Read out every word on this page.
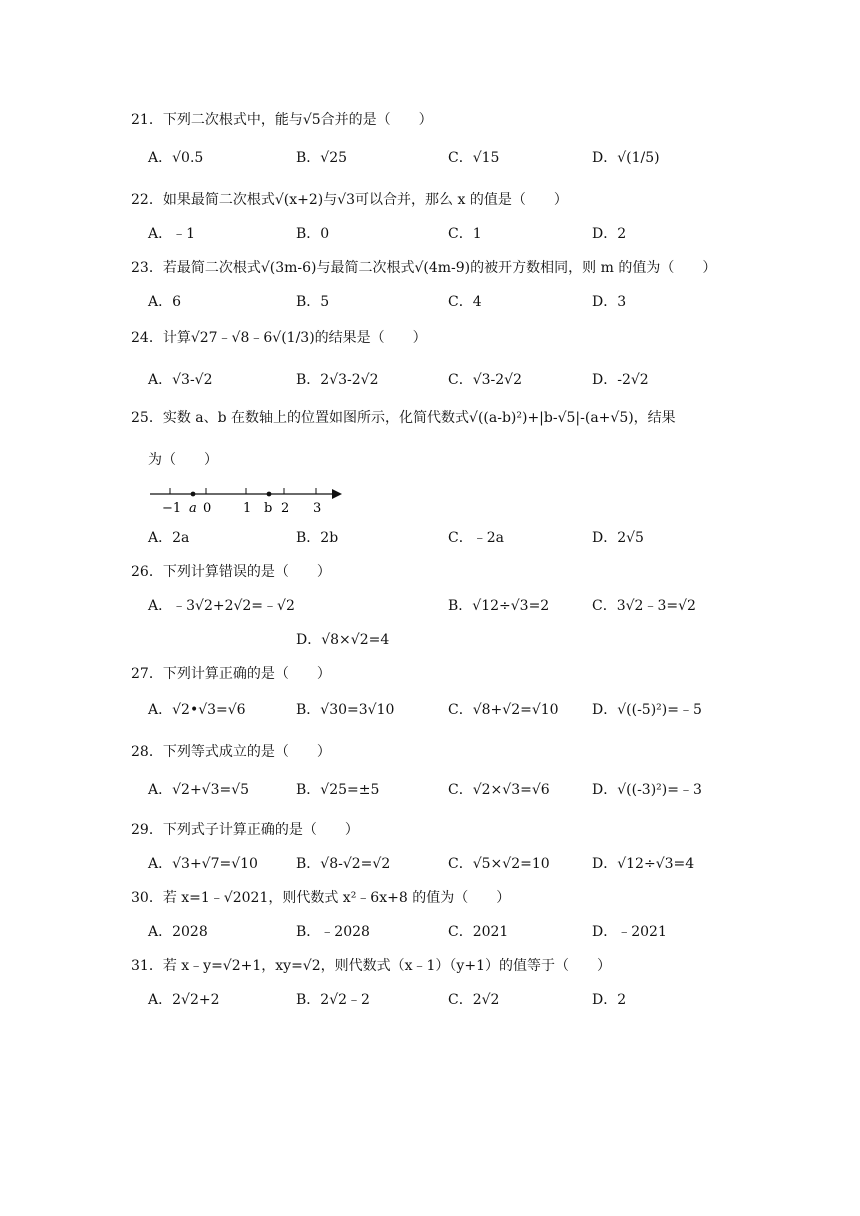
21．下列二次根式中，能与√5合并的是（　　）
A．√0.5	B．√25	C．√15	D．√(1/5)
22．如果最简二次根式√(x+2)与√3可以合并，那么 x 的值是（　　）
A．﹣1	B．0	C．1	D．2
23．若最简二次根式√(3m-6)与最简二次根式√(4m-9)的被开方数相同，则 m 的值为（　　）
A．6	B．5	C．4	D．3
24．计算√27﹣√8﹣6√(1/3)的结果是（　　）
A．√3-√2	B．2√3-2√2	C．√3-2√2	D．-2√2
25．实数 a、b 在数轴上的位置如图所示，化简代数式√((a-b)²)+|b-√5|-(a+√5)，结果
为（　　）
−1 a 0 1 b 2 3
A．2a	B．2b	C．﹣2a	D．2√5
26．下列计算错误的是（　　）
A．﹣3√2+2√2=﹣√2	B．√12÷√3=2	C．3√2﹣3=√2
D．√8×√2=4
27．下列计算正确的是（　　）
A．√2•√3=√6	B．√30=3√10	C．√8+√2=√10 D．√((-5)²)=﹣5
28．下列等式成立的是（　　）
A．√2+√3=√5	B．√25=±5	C．√2×√3=√6	D．√((-3)²)=﹣3
29．下列式子计算正确的是（　　）
A．√3+√7=√10	B．√8-√2=√2	C．√5×√2=10	D．√12÷√3=4
30．若 x=1﹣√2021，则代数式 x²﹣6x+8 的值为（　　）
A．2028	B．﹣2028	C．2021	D．﹣2021
31．若 x﹣y=√2+1，xy=√2，则代数式（x﹣1）（y+1）的值等于（　　）
A．2√2+2	B．2√2﹣2	C．2√2	D．2
